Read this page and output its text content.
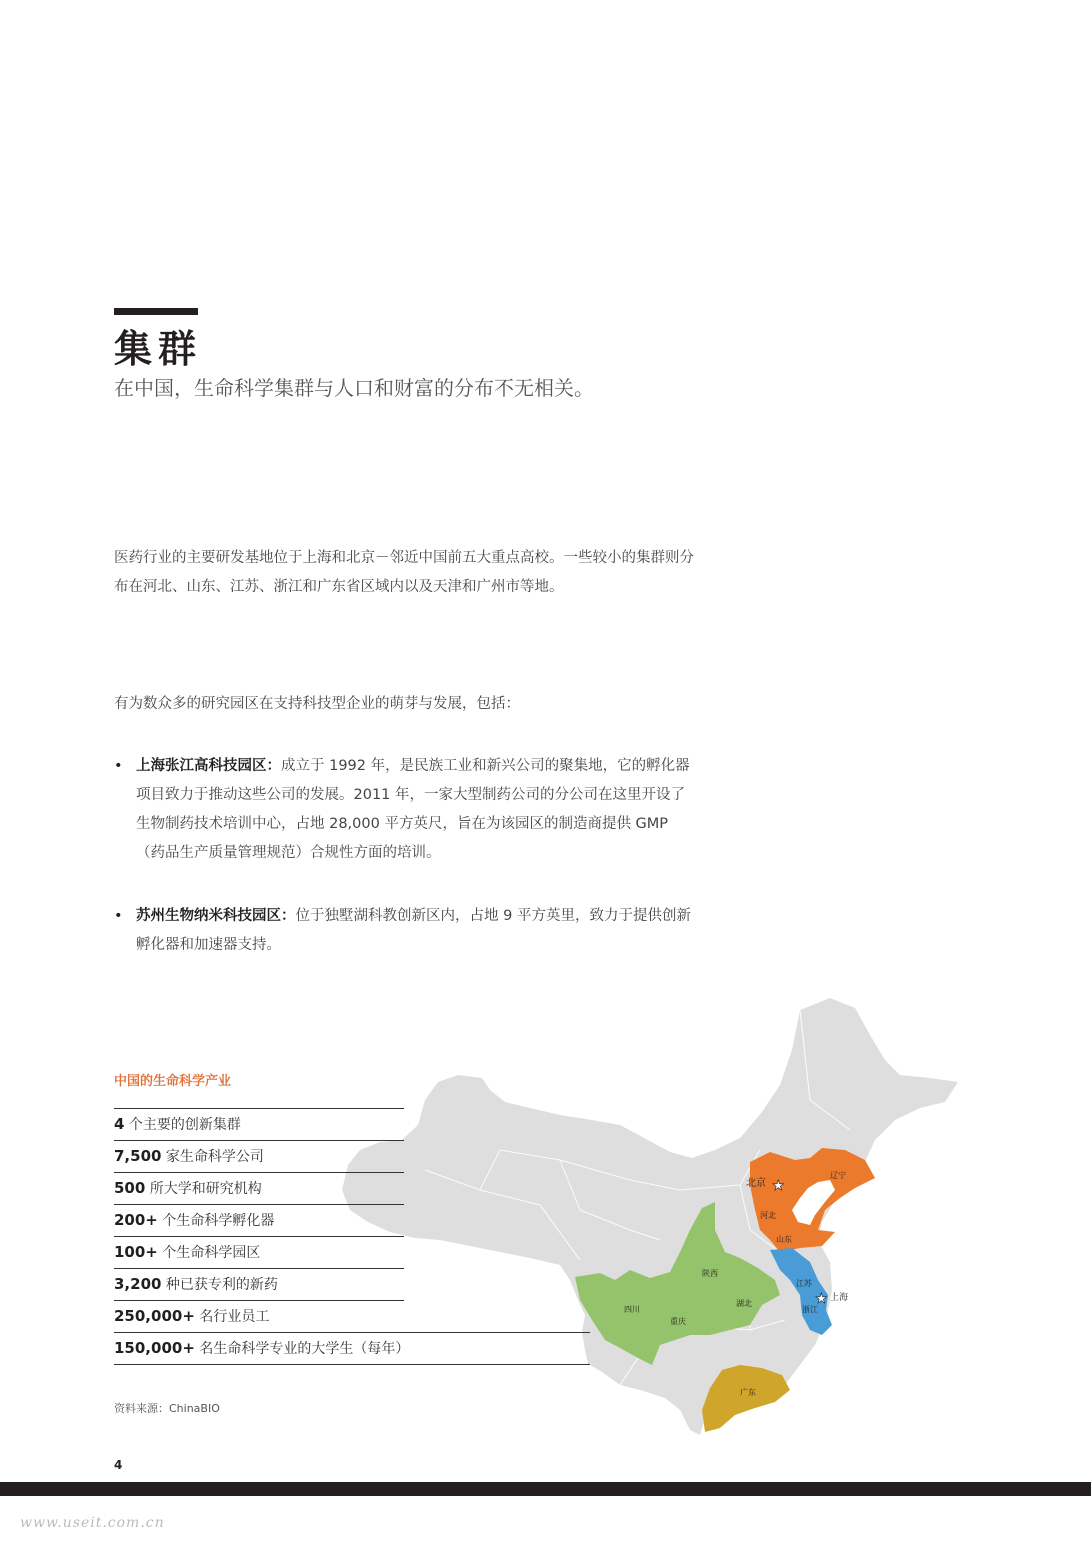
集群

在中国，生命科学集群与人口和财富的分布不无相关。

医药行业的主要研发基地位于上海和北京－邻近中国前五大重点高校。一些较小的集群则分布在河北、山东、江苏、浙江和广东省区域内以及天津和广州市等地。

有为数众多的研究园区在支持科技型企业的萌芽与发展，包括：

• 上海张江高科技园区：成立于 1992 年，是民族工业和新兴公司的聚集地，它的孵化器项目致力于推动这些公司的发展。2011 年，一家大型制药公司的分公司在这里开设了生物制药技术培训中心，占地 28,000 平方英尺，旨在为该园区的制造商提供 GMP（药品生产质量管理规范）合规性方面的培训。
• 苏州生物纳米科技园区：位于独墅湖科教创新区内，占地 9 平方英里，致力于提供创新孵化器和加速器支持。
★
★
北京
辽宁
河北
山东
江苏
上海
浙江
陕西
四川
重庆
湖北
广东
中国的生命科学产业
4 个主要的创新集群
7,500 家生命科学公司
500 所大学和研究机构
200+ 个生命科学孵化器
100+ 个生命科学园区
3,200 种已获专利的新药
250,000+ 名行业员工
150,000+ 名生命科学专业的大学生（每年）
资料来源：ChinaBIO
4
www.useit.com.cn
